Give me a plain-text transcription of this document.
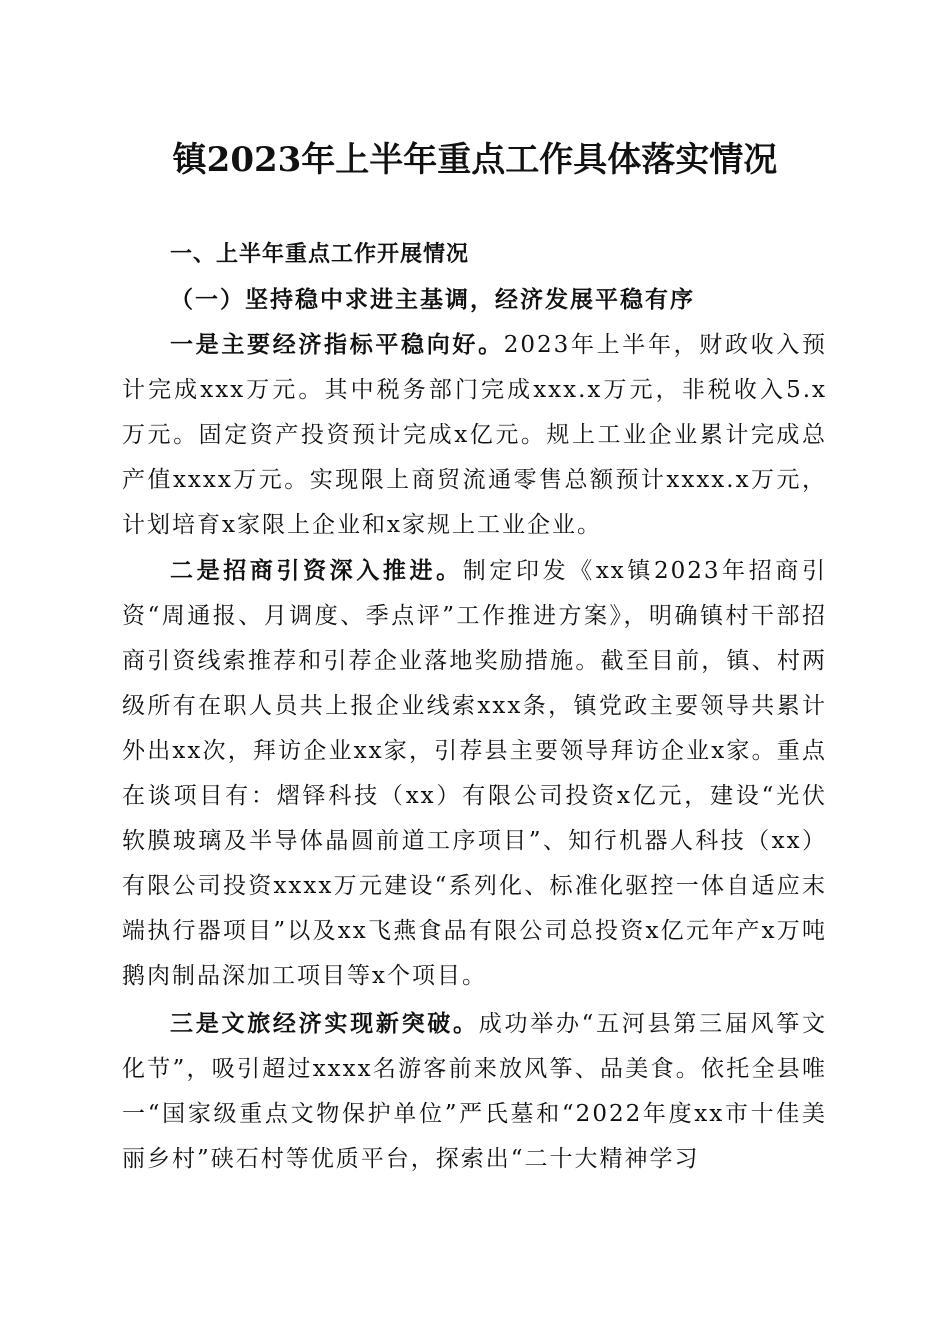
镇2023年上半年重点工作具体落实情况

一、上半年重点工作开展情况

（一）坚持稳中求进主基调，经济发展平稳有序

一是主要经济指标平稳向好。2023年上半年，财政收入预计完成xxx万元。其中税务部门完成xxx.x万元，非税收入5.x万元。固定资产投资预计完成x亿元。规上工业企业累计完成总产值xxxx万元。实现限上商贸流通零售总额预计xxxx.x万元，计划培育x家限上企业和x家规上工业企业。

二是招商引资深入推进。制定印发《xx镇2023年招商引资“周通报、月调度、季点评”工作推进方案》，明确镇村干部招商引资线索推荐和引荐企业落地奖励措施。截至目前，镇、村两级所有在职人员共上报企业线索xxx条，镇党政主要领导共累计外出xx次，拜访企业xx家，引荐县主要领导拜访企业x家。重点在谈项目有：熠铎科技（xx）有限公司投资x亿元，建设“光伏软膜玻璃及半导体晶圆前道工序项目”、知行机器人科技（xx）有限公司投资xxxx万元建设“系列化、标准化驱控一体自适应末端执行器项目”以及xx飞燕食品有限公司总投资x亿元年产x万吨鹅肉制品深加工项目等x个项目。

三是文旅经济实现新突破。成功举办“五河县第三届风筝文化节”，吸引超过xxxx名游客前来放风筝、品美食。依托全县唯一“国家级重点文物保护单位”严氏墓和“2022年度xx市十佳美丽乡村”硖石村等优质平台，探索出“二十大精神学习
